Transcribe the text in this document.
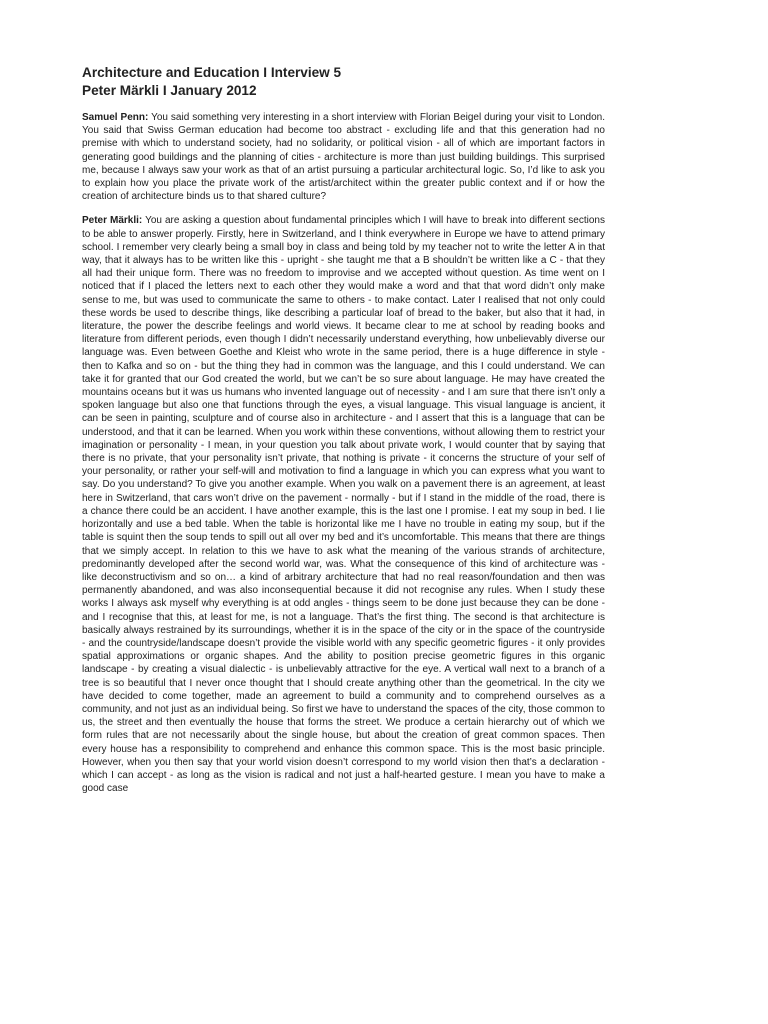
Architecture and Education I Interview 5
Peter Märkli I January 2012

Samuel Penn: You said something very interesting in a short interview with Florian Beigel during your visit to London. You said that Swiss German education had become too abstract - excluding life and that this generation had no premise with which to understand society, had no solidarity, or political vision - all of which are important factors in generating good buildings and the planning of cities - architecture is more than just building buildings. This surprised me, because I always saw your work as that of an artist pursuing a particular architectural logic. So, I’d like to ask you to explain how you place the private work of the artist/architect within the greater public context and if or how the creation of architecture binds us to that shared culture?

Peter Märkli: You are asking a question about fundamental principles which I will have to break into different sections to be able to answer properly. Firstly, here in Switzerland, and I think everywhere in Europe we have to attend primary school. I remember very clearly being a small boy in class and being told by my teacher not to write the letter A in that way, that it always has to be written like this - upright - she taught me that a B shouldn’t be written like a C - that they all had their unique form. There was no freedom to improvise and we accepted without question. As time went on I noticed that if I placed the letters next to each other they would make a word and that that word didn’t only make sense to me, but was used to communicate the same to others - to make contact. Later I realised that not only could these words be used to describe things, like describing a particular loaf of bread to the baker, but also that it had, in literature, the power the describe feelings and world views. It became clear to me at school by reading books and literature from different periods, even though I didn’t necessarily understand everything, how unbelievably diverse our language was. Even between Goethe and Kleist who wrote in the same period, there is a huge difference in style - then to Kafka and so on - but the thing they had in common was the language, and this I could understand. We can take it for granted that our God created the world, but we can’t be so sure about language. He may have created the mountains oceans but it was us humans who invented language out of necessity - and I am sure that there isn’t only a spoken language but also one that functions through the eyes, a visual language. This visual language is ancient, it can be seen in painting, sculpture and of course also in architecture - and I assert that this is a language that can be understood, and that it can be learned. When you work within these conventions, without allowing them to restrict your imagination or personality - I mean, in your question you talk about private work, I would counter that by saying that there is no private, that your personality isn’t private, that nothing is private - it concerns the structure of your self of your personality, or rather your self-will and motivation to find a language in which you can express what you want to say. Do you understand? To give you another example. When you walk on a pavement there is an agreement, at least here in Switzerland, that cars won’t drive on the pavement - normally - but if I stand in the middle of the road, there is a chance there could be an accident. I have another example, this is the last one I promise. I eat my soup in bed. I lie horizontally and use a bed table. When the table is horizontal like me I have no trouble in eating my soup, but if the table is squint then the soup tends to spill out all over my bed and it’s uncomfortable. This means that there are things that we simply accept. In relation to this we have to ask what the meaning of the various strands of architecture, predominantly developed after the second world war, was. What the consequence of this kind of architecture was - like deconstructivism and so on… a kind of arbitrary architecture that had no real reason/foundation and then was permanently abandoned, and was also inconsequential because it did not recognise any rules. When I study these works I always ask myself why everything is at odd angles - things seem to be done just because they can be done - and I recognise that this, at least for me, is not a language. That’s the first thing. The second is that architecture is basically always restrained by its surroundings, whether it is in the space of the city or in the space of the countryside - and the countryside/landscape doesn’t provide the visible world with any specific geometric figures - it only provides spatial approximations or organic shapes. And the ability to position precise geometric figures in this organic landscape - by creating a visual dialectic - is unbelievably attractive for the eye. A vertical wall next to a branch of a tree is so beautiful that I never once thought that I should create anything other than the geometrical. In the city we have decided to come together, made an agreement to build a community and to comprehend ourselves as a community, and not just as an individual being. So first we have to understand the spaces of the city, those common to us, the street and then eventually the house that forms the street. We produce a certain hierarchy out of which we form rules that are not necessarily about the single house, but about the creation of great common spaces. Then every house has a responsibility to comprehend and enhance this common space. This is the most basic principle. However, when you then say that your world vision doesn’t correspond to my world vision then that’s a declaration - which I can accept - as long as the vision is radical and not just a half-hearted gesture. I mean you have to make a good case
